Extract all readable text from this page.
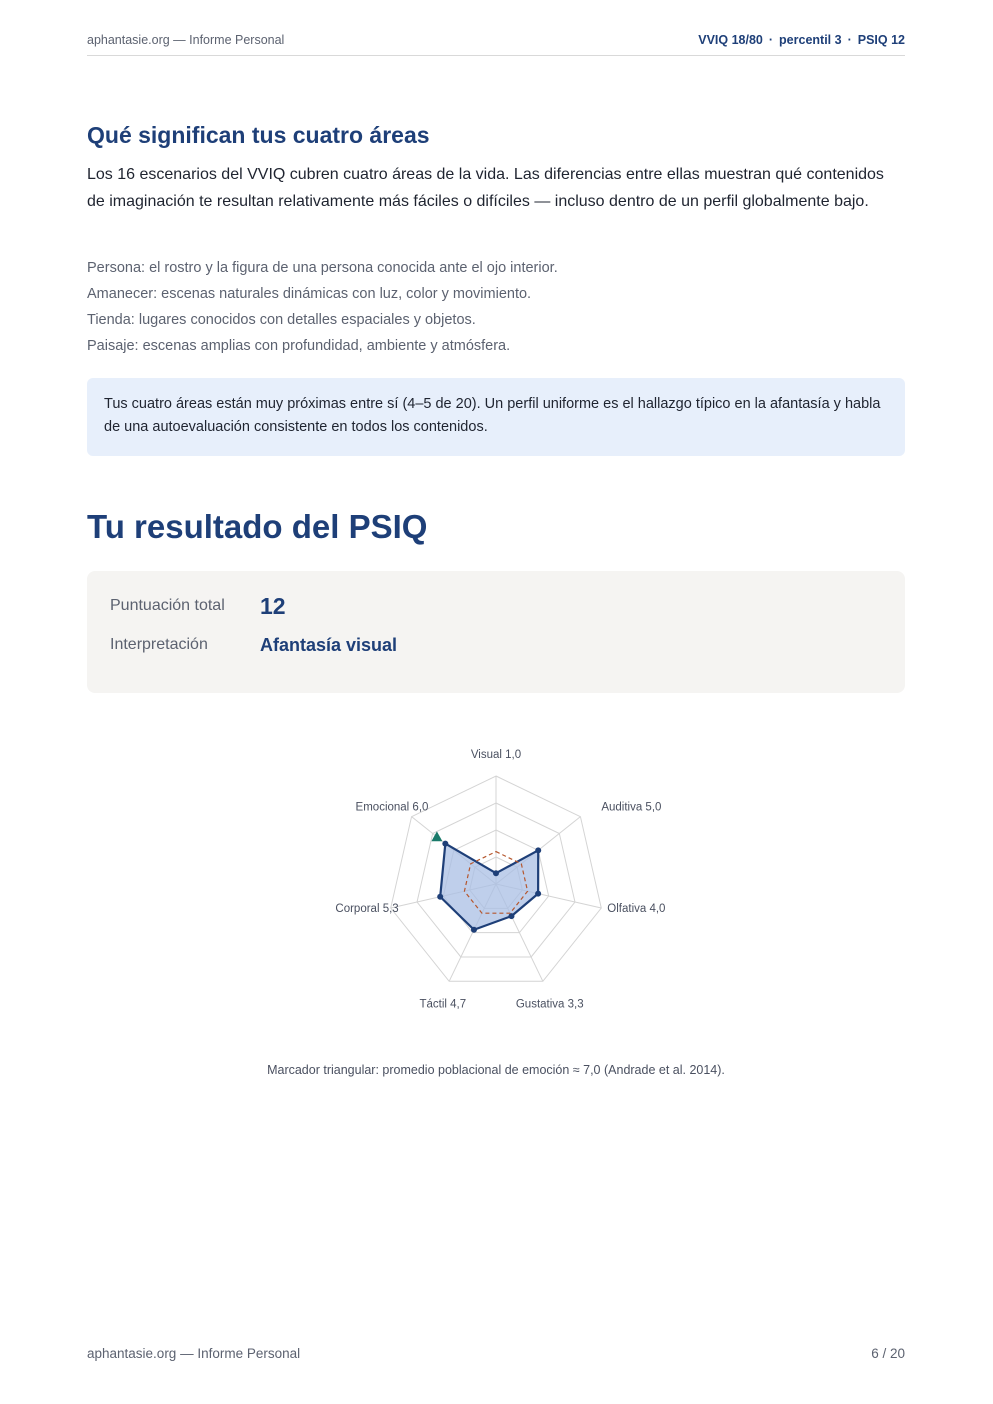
aphantasie.org — Informe Personal	VVIQ 18/80 · percentil 3 · PSIQ 12
Qué significan tus cuatro áreas

Los 16 escenarios del VVIQ cubren cuatro áreas de la vida. Las diferencias entre ellas muestran qué contenidos de imaginación te resultan relativamente más fáciles o difíciles — incluso dentro de un perfil globalmente bajo.

Persona: el rostro y la figura de una persona conocida ante el ojo interior.
Amanecer: escenas naturales dinámicas con luz, color y movimiento.
Tienda: lugares conocidos con detalles espaciales y objetos.
Paisaje: escenas amplias con profundidad, ambiente y atmósfera.
Tus cuatro áreas están muy próximas entre sí (4–5 de 20). Un perfil uniforme es el hallazgo típico en la afantasía y habla de una autoevaluación consistente en todos los contenidos.
Tu resultado del PSIQ
Puntuación total 12
Interpretación	Afantasía visual
Visual 1,0
Auditiva 5,0
Olfativa 4,0
Gustativa 3,3
Táctil 4,7
Corporal 5,3
Emocional 6,0
Marcador triangular: promedio poblacional de emoción ≈ 7,0 (Andrade et al. 2014).
aphantasie.org — Informe Personal	6 / 20
